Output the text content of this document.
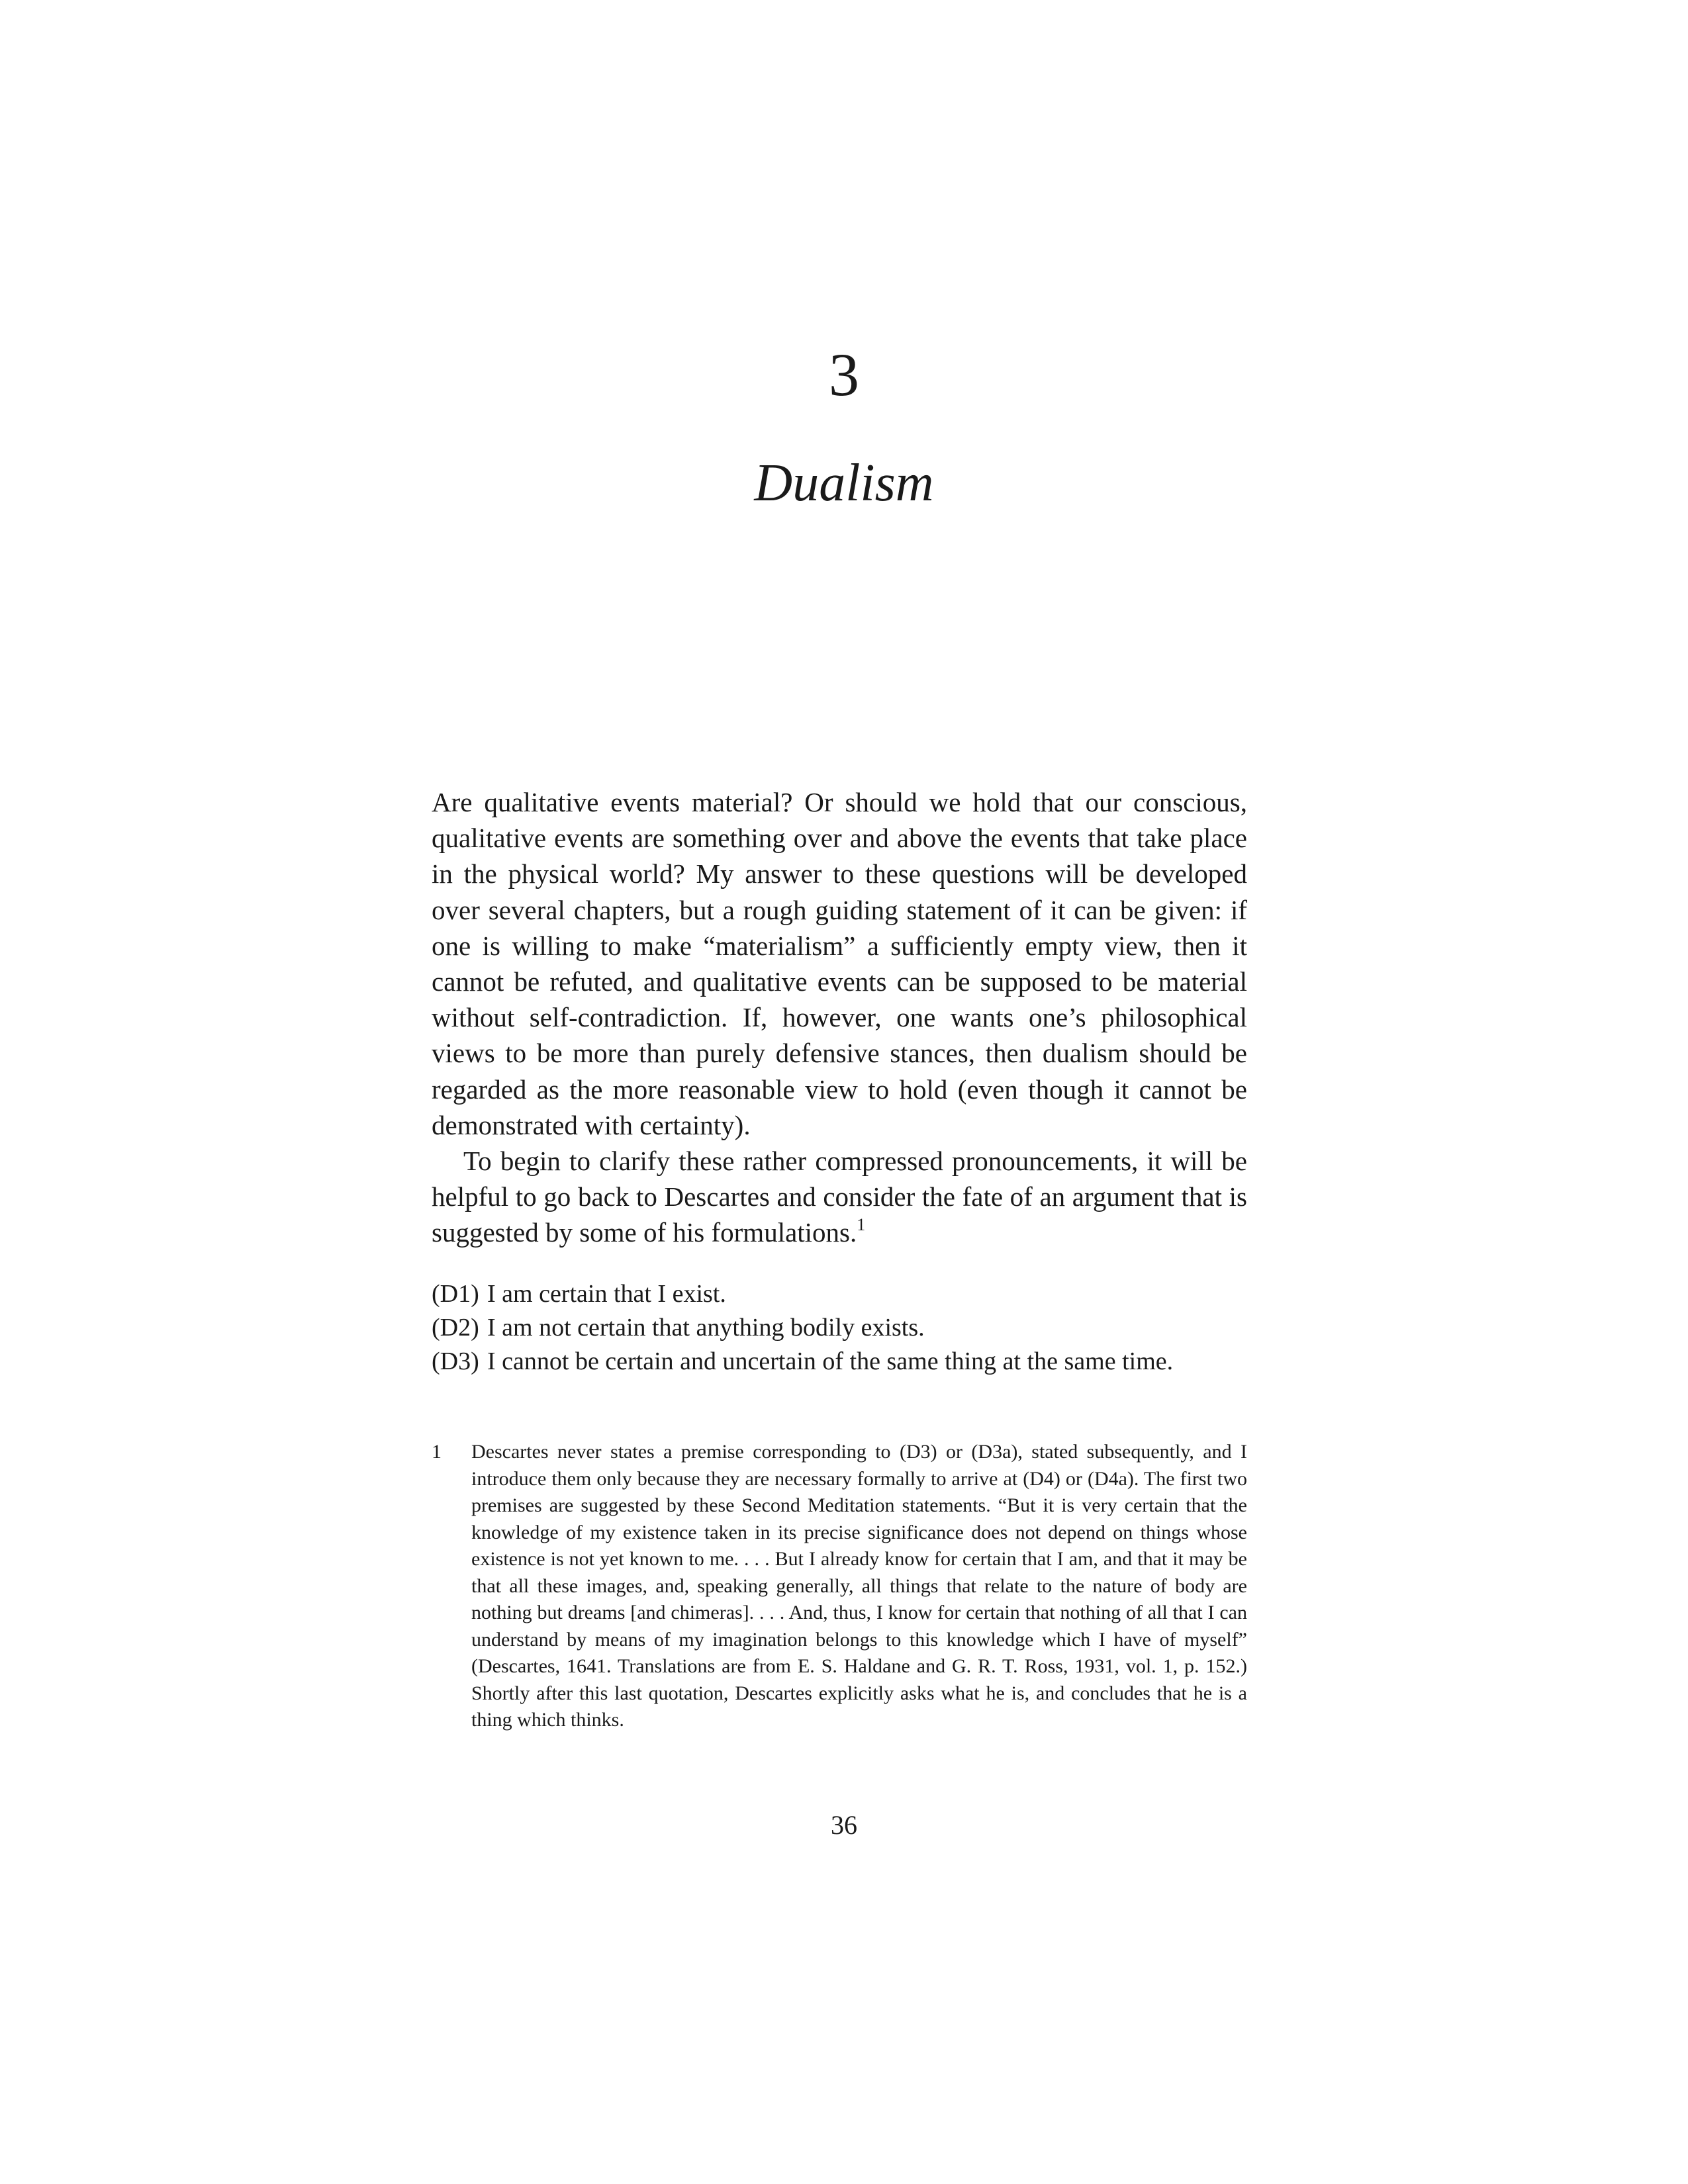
3
Dualism

Are qualitative events material? Or should we hold that our conscious, qualitative events are something over and above the events that take place in the physical world? My answer to these questions will be developed over several chapters, but a rough guiding statement of it can be given: if one is willing to make “materialism” a sufficiently empty view, then it cannot be refuted, and qualitative events can be supposed to be material without self-contradiction. If, however, one wants one’s philosophical views to be more than purely defensive stances, then dualism should be regarded as the more reasonable view to hold (even though it cannot be demonstrated with certainty).

To begin to clarify these rather compressed pronouncements, it will be helpful to go back to Descartes and consider the fate of an argument that is suggested by some of his formulations.$^1$

(D1) I am certain that I exist.
(D2) I am not certain that anything bodily exists.
(D3) I cannot be certain and uncertain of the same thing at the same time.
1	Descartes never states a premise corresponding to (D3) or (D3a), stated subsequently, and I introduce them only because they are necessary formally to arrive at (D4) or (D4a). The first two premises are suggested by these Second Meditation statements. “But it is very certain that the knowledge of my existence taken in its precise significance does not depend on things whose existence is not yet known to me. . . . But I already know for certain that I am, and that it may be that all these images, and, speaking generally, all things that relate to the nature of body are nothing but dreams [and chimeras]. . . . And, thus, I know for certain that nothing of all that I can understand by means of my imagination belongs to this knowledge which I have of myself” (Descartes, 1641. Translations are from E. S. Haldane and G. R. T. Ross, 1931, vol. 1, p. 152.) Shortly after this last quotation, Descartes explicitly asks what he is, and concludes that he is a thing which thinks.
36
